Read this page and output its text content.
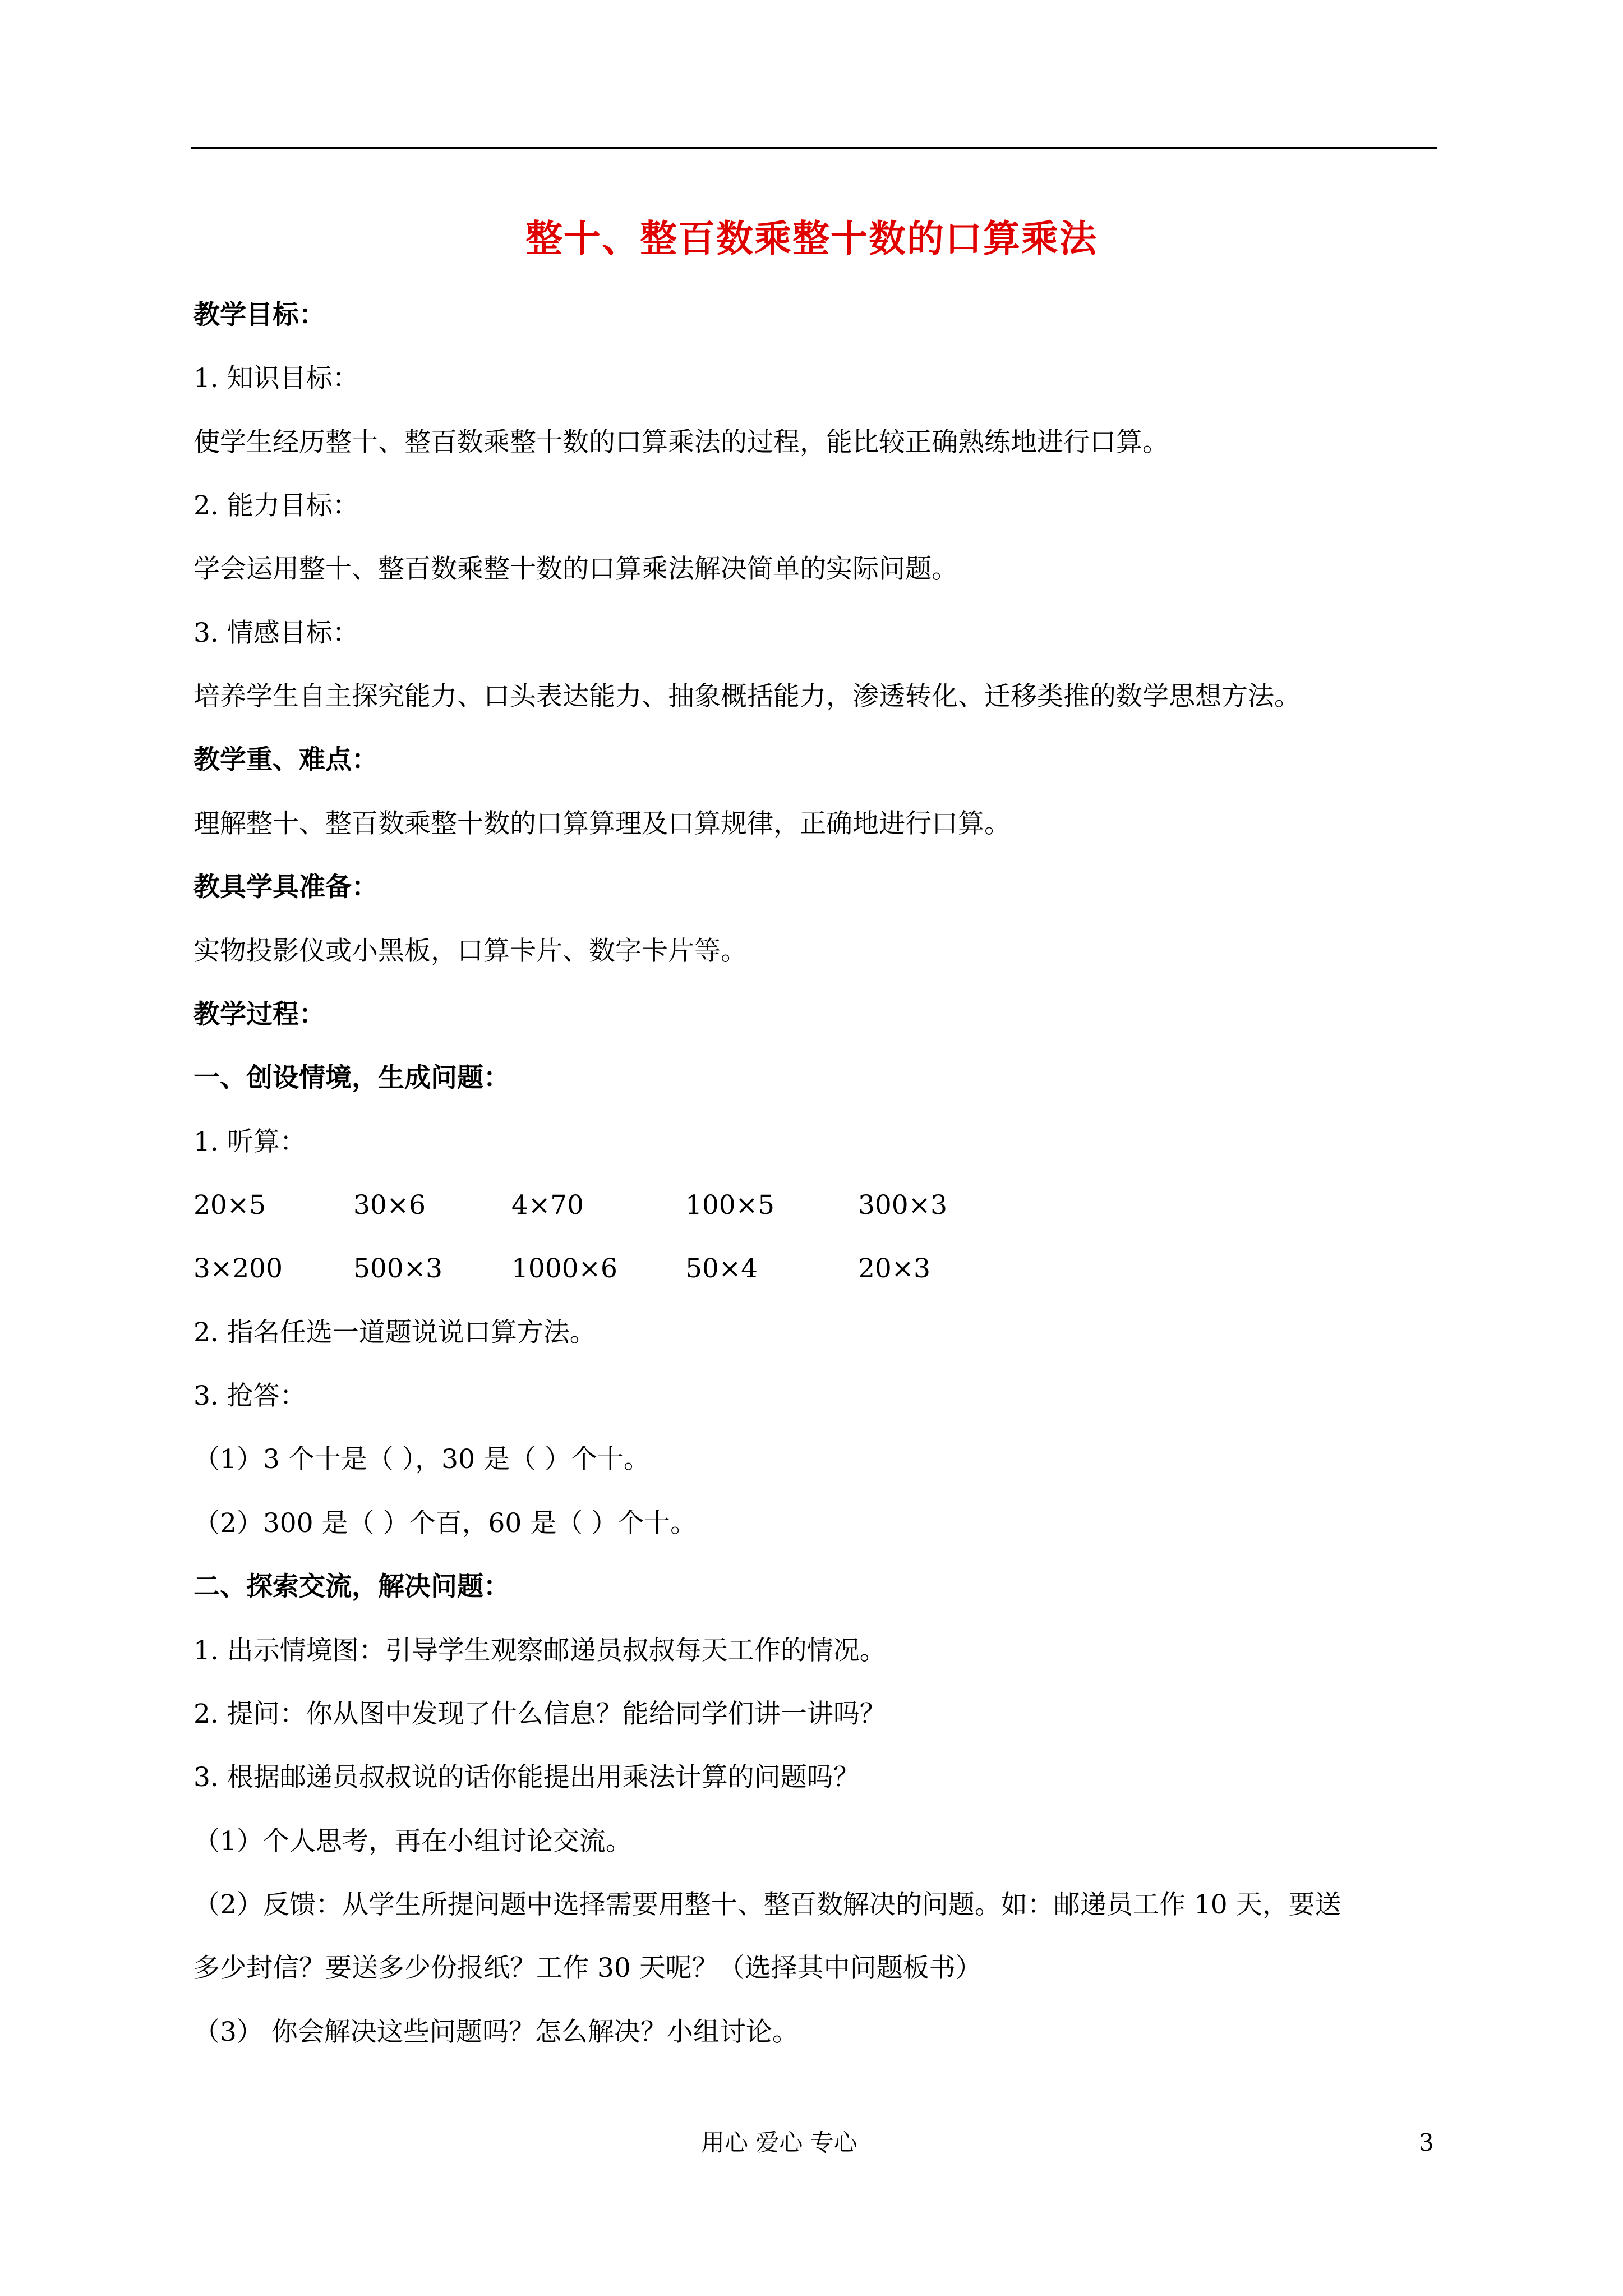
整十、整百数乘整十数的口算乘法
教学目标：
1. 知识目标：
使学生经历整十、整百数乘整十数的口算乘法的过程，能比较正确熟练地进行口算。
2. 能力目标：
学会运用整十、整百数乘整十数的口算乘法解决简单的实际问题。
3. 情感目标：
培养学生自主探究能力、口头表达能力、抽象概括能力，渗透转化、迁移类推的数学思想方法。
教学重、难点：
理解整十、整百数乘整十数的口算算理及口算规律，正确地进行口算。
教具学具准备：
实物投影仪或小黑板，口算卡片、数字卡片等。
教学过程：
一、创设情境，生成问题：
1. 听算：
20×5	30×6	4×70	100×5	300×3
3×200	500×3	1000×6	50×4	20×3
2. 指名任选一道题说说口算方法。
3. 抢答：
（1）3 个十是（ ），30 是（ ）个十。
（2）300 是（ ）个百，60 是（ ）个十。
二、探索交流，解决问题：
1. 出示情境图：引导学生观察邮递员叔叔每天工作的情况。
2. 提问：你从图中发现了什么信息？能给同学们讲一讲吗？
3. 根据邮递员叔叔说的话你能提出用乘法计算的问题吗？
（1）个人思考，再在小组讨论交流。
（2）反馈：从学生所提问题中选择需要用整十、整百数解决的问题。如：邮递员工作 10 天，要送
多少封信？要送多少份报纸？工作 30 天呢？（选择其中问题板书）
（3） 你会解决这些问题吗？怎么解决？小组讨论。
用心 爱心 专心	3
